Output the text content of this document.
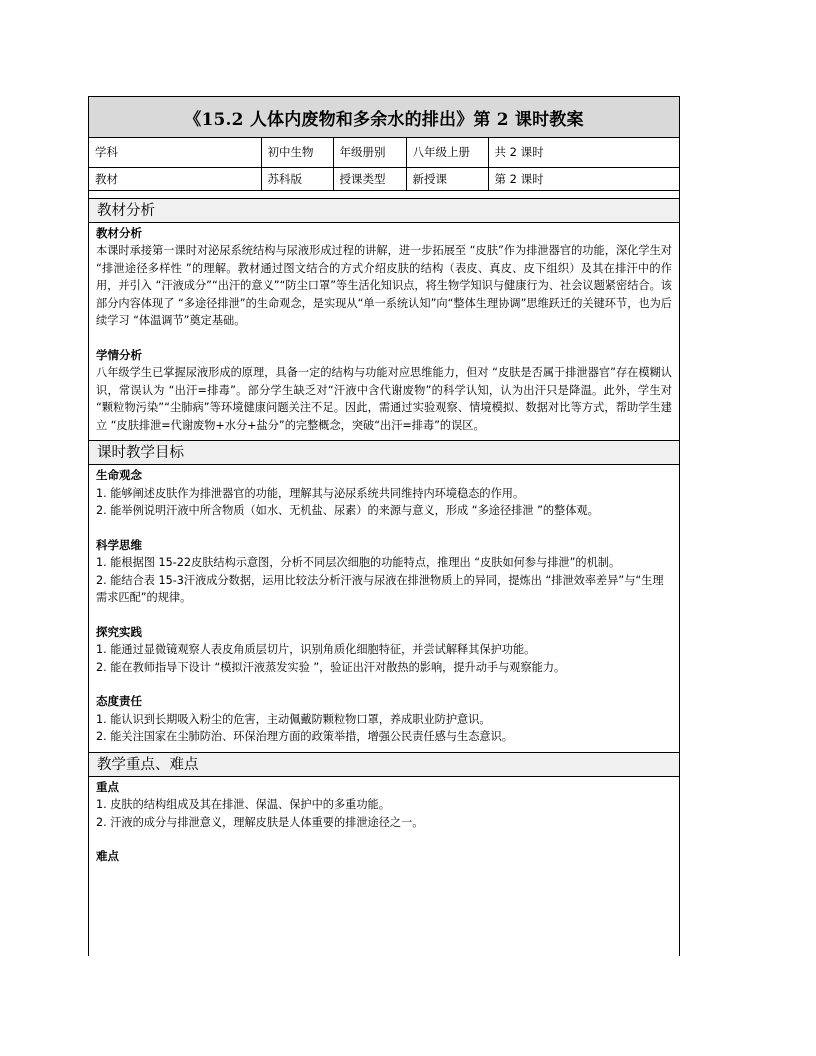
《15.2 人体内废物和多余水的排出》第 2 课时教案
学科	初中生物	年级册别	八年级上册	共 2 课时
教材	苏科版	授课类型	新授课	第 2 课时
教材分析
教材分析
本课时承接第一课时对泌尿系统结构与尿液形成过程的讲解，进一步拓展至 “皮肤”作为排泄器官的功能，深化学生对 “排泄途径多样性 ”的理解。教材通过图文结合的方式介绍皮肤的结构（表皮、真皮、皮下组织）及其在排汗中的作用，并引入 “汗液成分”“出汗的意义”“防尘口罩”等生活化知识点，将生物学知识与健康行为、社会议题紧密结合。该部分内容体现了 “多途径排泄”的生命观念，是实现从“单一系统认知”向“整体生理协调”思维跃迁的关键环节，也为后续学习 “体温调节”奠定基础。
学情分析
八年级学生已掌握尿液形成的原理，具备一定的结构与功能对应思维能力，但对 “皮肤是否属于排泄器官”存在模糊认识，常误认为 “出汗=排毒”。部分学生缺乏对“汗液中含代谢废物”的科学认知，认为出汗只是降温。此外，学生对 “颗粒物污染”“尘肺病”等环境健康问题关注不足。因此，需通过实验观察、情境模拟、数据对比等方式，帮助学生建立 “皮肤排泄=代谢废物+水分+盐分”的完整概念，突破“出汗=排毒”的误区。
课时教学目标
生命观念
1. 能够阐述皮肤作为排泄器官的功能，理解其与泌尿系统共同维持内环境稳态的作用。
2. 能举例说明汗液中所含物质（如水、无机盐、尿素）的来源与意义，形成 “多途径排泄 ”的整体观。
科学思维
1. 能根据图 15-22皮肤结构示意图，分析不同层次细胞的功能特点，推理出 “皮肤如何参与排泄”的机制。
2. 能结合表 15-3汗液成分数据，运用比较法分析汗液与尿液在排泄物质上的异同，提炼出 “排泄效率差异”与“生理需求匹配”的规律。
探究实践
1. 能通过显微镜观察人表皮角质层切片，识别角质化细胞特征，并尝试解释其保护功能。
2. 能在教师指导下设计 “模拟汗液蒸发实验 ”，验证出汗对散热的影响，提升动手与观察能力。
态度责任
1. 能认识到长期吸入粉尘的危害，主动佩戴防颗粒物口罩，养成职业防护意识。
2. 能关注国家在尘肺防治、环保治理方面的政策举措，增强公民责任感与生态意识。
教学重点、难点
重点
1. 皮肤的结构组成及其在排泄、保温、保护中的多重功能。
2. 汗液的成分与排泄意义，理解皮肤是人体重要的排泄途径之一。
难点
